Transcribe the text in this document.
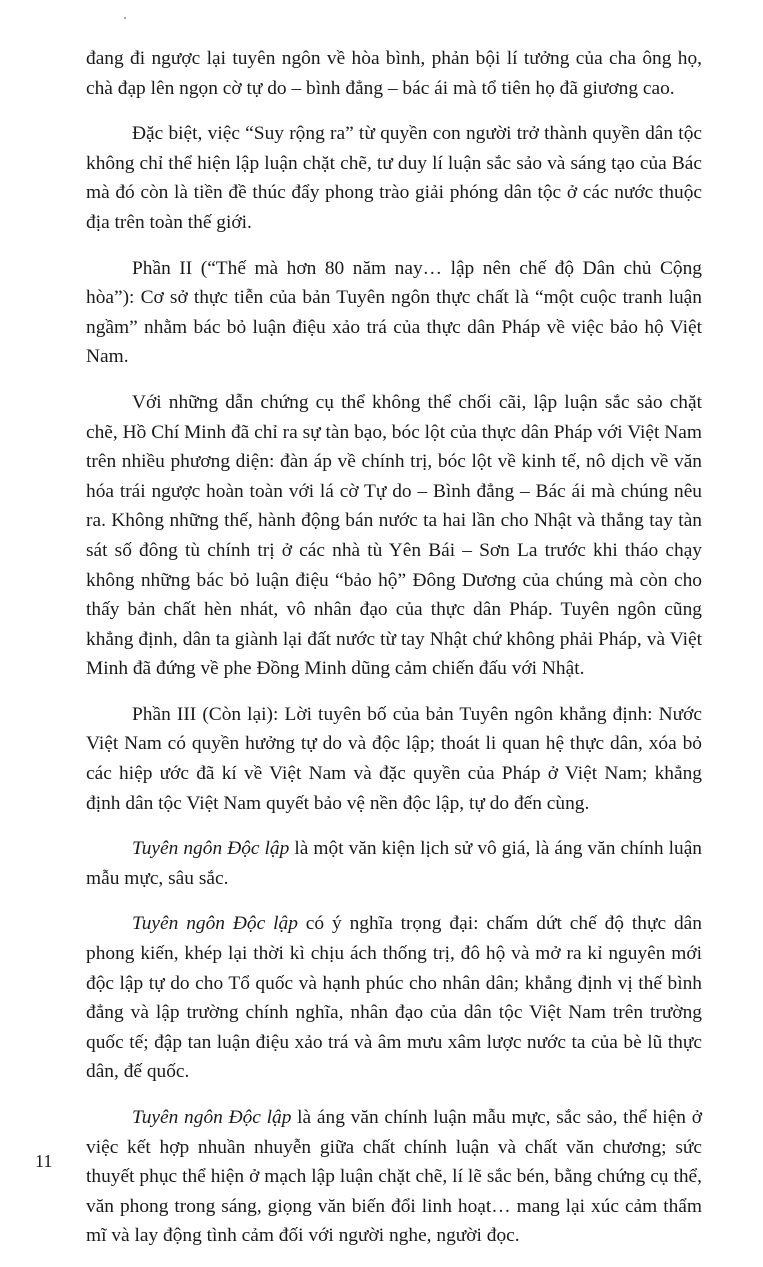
đang đi ngược lại tuyên ngôn về hòa bình, phản bội lí tưởng của cha ông họ, chà đạp lên ngọn cờ tự do – bình đẳng – bác ái mà tổ tiên họ đã giương cao.

Đặc biệt, việc “Suy rộng ra” từ quyền con người trở thành quyền dân tộc không chỉ thể hiện lập luận chặt chẽ, tư duy lí luận sắc sảo và sáng tạo của Bác mà đó còn là tiền đề thúc đẩy phong trào giải phóng dân tộc ở các nước thuộc địa trên toàn thế giới.

Phần II (“Thế mà hơn 80 năm nay… lập nên chế độ Dân chủ Cộng hòa”): Cơ sở thực tiễn của bản Tuyên ngôn thực chất là “một cuộc tranh luận ngầm” nhằm bác bỏ luận điệu xảo trá của thực dân Pháp về việc bảo hộ Việt Nam.

Với những dẫn chứng cụ thể không thể chối cãi, lập luận sắc sảo chặt chẽ, Hồ Chí Minh đã chỉ ra sự tàn bạo, bóc lột của thực dân Pháp với Việt Nam trên nhiều phương diện: đàn áp về chính trị, bóc lột về kinh tế, nô dịch về văn hóa trái ngược hoàn toàn với lá cờ Tự do – Bình đẳng – Bác ái mà chúng nêu ra. Không những thế, hành động bán nước ta hai lần cho Nhật và thẳng tay tàn sát số đông tù chính trị ở các nhà tù Yên Bái – Sơn La trước khi tháo chạy không những bác bỏ luận điệu “bảo hộ” Đông Dương của chúng mà còn cho thấy bản chất hèn nhát, vô nhân đạo của thực dân Pháp. Tuyên ngôn cũng khẳng định, dân ta giành lại đất nước từ tay Nhật chứ không phải Pháp, và Việt Minh đã đứng về phe Đồng Minh dũng cảm chiến đấu với Nhật.

Phần III (Còn lại): Lời tuyên bố của bản Tuyên ngôn khẳng định: Nước Việt Nam có quyền hưởng tự do và độc lập; thoát li quan hệ thực dân, xóa bỏ các hiệp ước đã kí về Việt Nam và đặc quyền của Pháp ở Việt Nam; khẳng định dân tộc Việt Nam quyết bảo vệ nền độc lập, tự do đến cùng.

Tuyên ngôn Độc lập là một văn kiện lịch sử vô giá, là áng văn chính luận mẫu mực, sâu sắc.

Tuyên ngôn Độc lập có ý nghĩa trọng đại: chấm dứt chế độ thực dân phong kiến, khép lại thời kì chịu ách thống trị, đô hộ và mở ra kỉ nguyên mới độc lập tự do cho Tổ quốc và hạnh phúc cho nhân dân; khẳng định vị thế bình đẳng và lập trường chính nghĩa, nhân đạo của dân tộc Việt Nam trên trường quốc tế; đập tan luận điệu xảo trá và âm mưu xâm lược nước ta của bè lũ thực dân, đế quốc.

Tuyên ngôn Độc lập là áng văn chính luận mẫu mực, sắc sảo, thể hiện ở việc kết hợp nhuần nhuyễn giữa chất chính luận và chất văn chương; sức thuyết phục thể hiện ở mạch lập luận chặt chẽ, lí lẽ sắc bén, bằng chứng cụ thể, văn phong trong sáng, giọng văn biến đổi linh hoạt… mang lại xúc cảm thẩm mĩ và lay động tình cảm đối với người nghe, người đọc.

11
